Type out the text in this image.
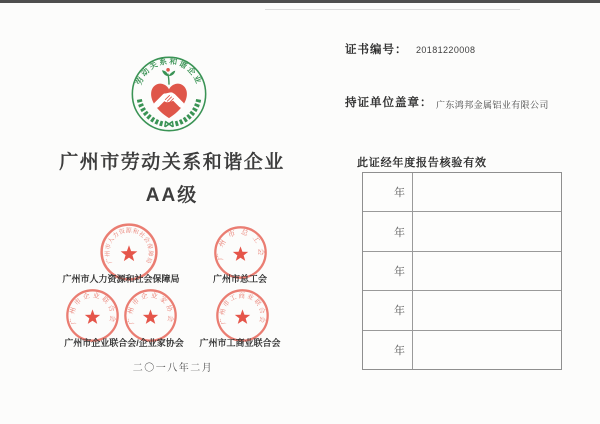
劳动关系和谐企业
广州市劳动关系和谐企业
AA级
广州市人力资源和社会保障局	广州市总工会
广州市企业联合会 广州市企业家协会	广州市工商业联合会
广州市人力资源和社会保障局	广州市总工会
广州市企业联合会/企业家协会	广州市工商业联合会
二〇一八年二月
证书编号： 20181220008
持证单位盖章： 广东鸿邦金属铝业有限公司
此证经年度报告核验有效
年
年
年
年
年
